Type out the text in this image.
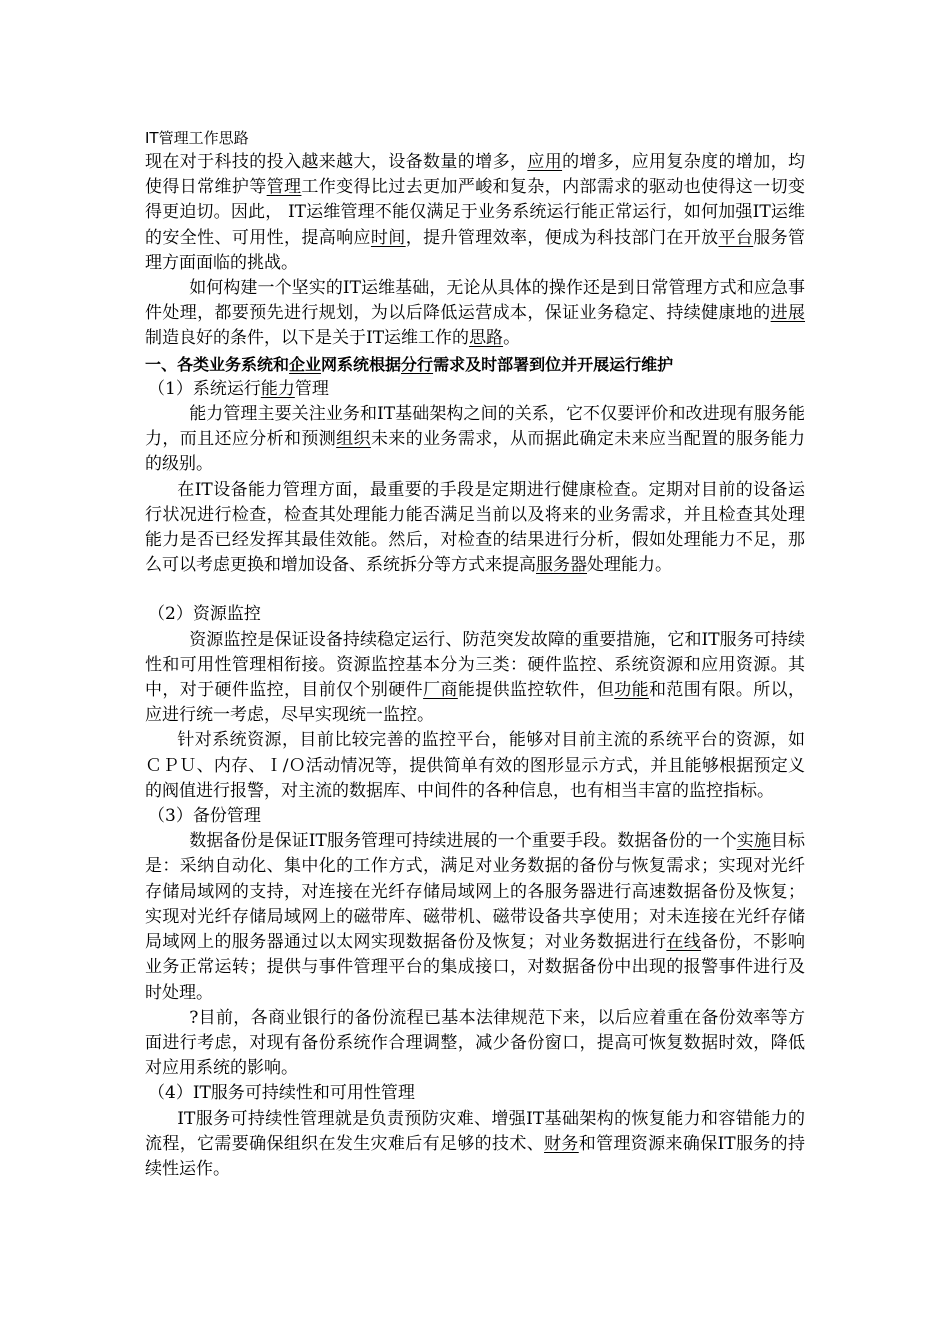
IT管理工作思路

现在对于科技的投入越来越大，设备数量的增多，应用的增多，应用复杂度的增加，均使得日常维护等管理工作变得比过去更加严峻和复杂，内部需求的驱动也使得这一切变得更迫切。因此， IT运维管理不能仅满足于业务系统运行能正常运行，如何加强IT运维的安全性、可用性，提高响应时间，提升管理效率，便成为科技部门在开放平台服务管理方面面临的挑战。

如何构建一个坚实的IT运维基础，无论从具体的操作还是到日常管理方式和应急事件处理，都要预先进行规划，为以后降低运营成本，保证业务稳定、持续健康地的进展制造良好的条件，以下是关于IT运维工作的思路。

一、各类业务系统和企业网系统根据分行需求及时部署到位并开展运行维护

（1）系统运行能力管理

能力管理主要关注业务和IT基础架构之间的关系，它不仅要评价和改进现有服务能力，而且还应分析和预测组织未来的业务需求，从而据此确定未来应当配置的服务能力的级别。

在IT设备能力管理方面，最重要的手段是定期进行健康检查。定期对目前的设备运行状况进行检查，检查其处理能力能否满足当前以及将来的业务需求，并且检查其处理能力是否已经发挥其最佳效能。然后，对检查的结果进行分析，假如处理能力不足，那么可以考虑更换和增加设备、系统拆分等方式来提高服务器处理能力。

（2）资源监控

资源监控是保证设备持续稳定运行、防范突发故障的重要措施，它和IT服务可持续性和可用性管理相衔接。资源监控基本分为三类：硬件监控、系统资源和应用资源。其中，对于硬件监控，目前仅个别硬件厂商能提供监控软件，但功能和范围有限。所以，应进行统一考虑，尽早实现统一监控。

针对系统资源，目前比较完善的监控平台，能够对目前主流的系统平台的资源，如ＣＰＵ、内存、Ｉ/Ｏ活动情况等，提供简单有效的图形显示方式，并且能够根据预定义的阀值进行报警，对主流的数据库、中间件的各种信息，也有相当丰富的监控指标。

（3）备份管理

数据备份是保证IT服务管理可持续进展的一个重要手段。数据备份的一个实施目标是：采纳自动化、集中化的工作方式，满足对业务数据的备份与恢复需求；实现对光纤存储局域网的支持，对连接在光纤存储局域网上的各服务器进行高速数据备份及恢复；实现对光纤存储局域网上的磁带库、磁带机、磁带设备共享使用；对未连接在光纤存储局域网上的服务器通过以太网实现数据备份及恢复；对业务数据进行在线备份，不影响业务正常运转；提供与事件管理平台的集成接口，对数据备份中出现的报警事件进行及时处理。

?目前，各商业银行的备份流程已基本法律规范下来，以后应着重在备份效率等方面进行考虑，对现有备份系统作合理调整，减少备份窗口，提高可恢复数据时效，降低对应用系统的影响。

（4）IT服务可持续性和可用性管理

IT服务可持续性管理就是负责预防灾难、增强IT基础架构的恢复能力和容错能力的流程，它需要确保组织在发生灾难后有足够的技术、财务和管理资源来确保IT服务的持续性运作。
